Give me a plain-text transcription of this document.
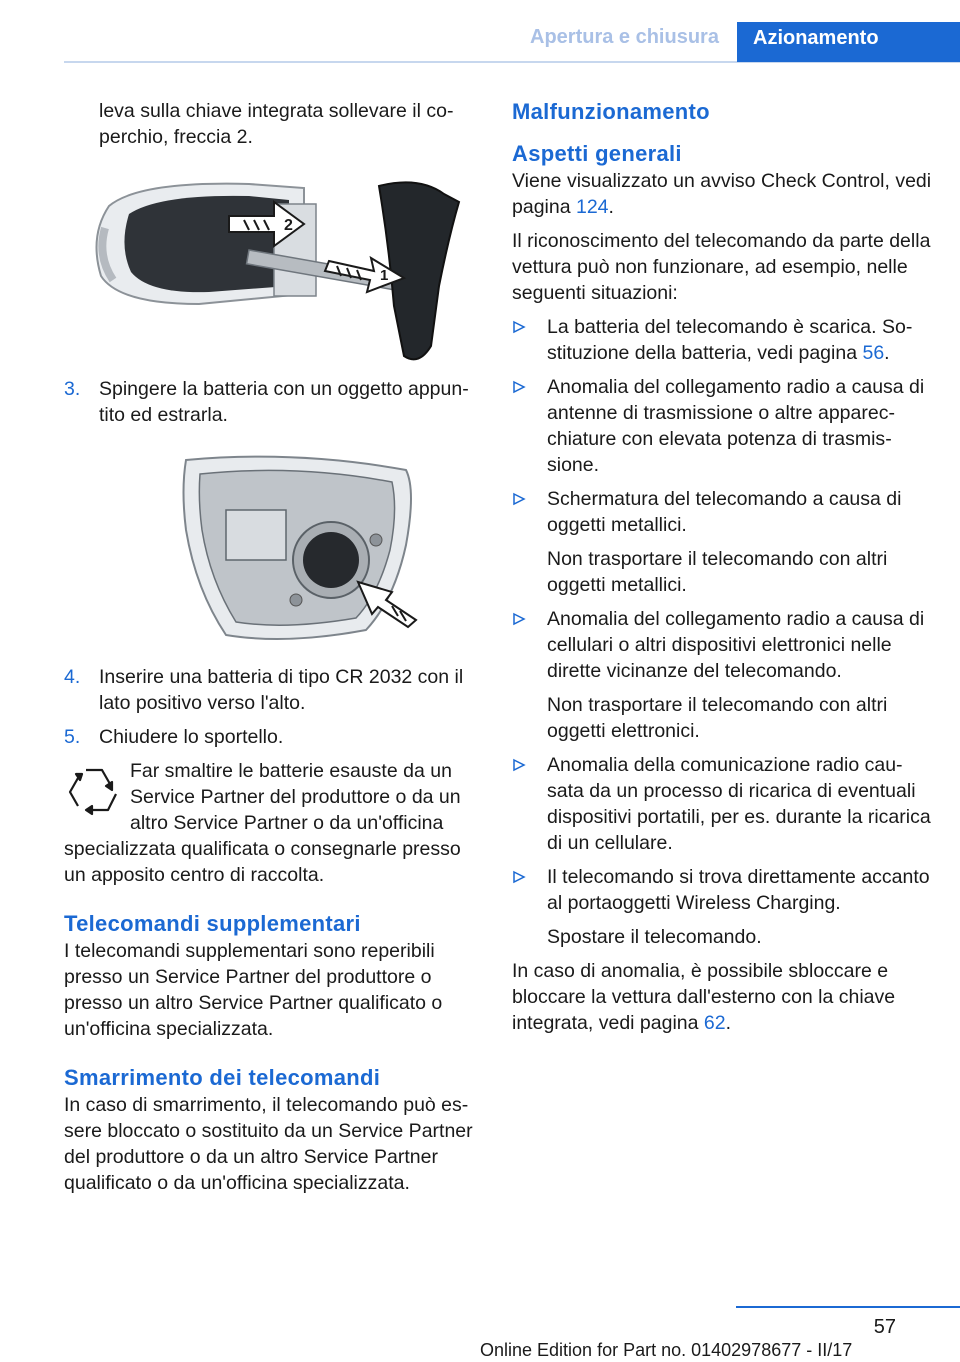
Apertura e chiusura Azionamento

leva sulla chiave integrata sollevare il coperchio, freccia 2.

2
1
3. Spingere la batteria con un oggetto appuntito ed estrarla.

4. Inserire una batteria di tipo CR 2032 con il lato positivo verso l'alto.

5. Chiudere lo sportello.

Far smaltire le batterie esauste da un

Service Partner del produttore o da un

altro Service Partner o da un'officina

specializzata qualificata o consegnarle presso un apposito centro di raccolta.

Telecomandi supplementari

I telecomandi supplementari sono reperibili presso un Service Partner del produttore o presso un altro Service Partner qualificato o un'officina specializzata.

Smarrimento dei telecomandi

In caso di smarrimento, il telecomando può essere bloccato o sostituito da un Service Partner del produttore o da un altro Service Partner qualificato o da un'officina specializzata.

Malfunzionamento
Aspetti generali

Viene visualizzato un avviso Check Control, vedi pagina 124.

Il riconoscimento del telecomando da parte della vettura può non funzionare, ad esempio, nelle seguenti situazioni:

La batteria del telecomando è scarica. Sostituzione della batteria, vedi pagina 56.

Anomalia del collegamento radio a causa di antenne di trasmissione o altre apparecchiature con elevata potenza di trasmissione.

Schermatura del telecomando a causa di oggetti metallici.

Non trasportare il telecomando con altri oggetti metallici.

Anomalia del collegamento radio a causa di cellulari o altri dispositivi elettronici nelle dirette vicinanze del telecomando.

Non trasportare il telecomando con altri oggetti elettronici.

Anomalia della comunicazione radio causata da un processo di ricarica di eventuali dispositivi portatili, per es. durante la ricarica di un cellulare.

Il telecomando si trova direttamente accanto al portaoggetti Wireless Charging.

Spostare il telecomando.

In caso di anomalia, è possibile sbloccare e bloccare la vettura dall'esterno con la chiave integrata, vedi pagina 62.

57
Online Edition for Part no. 01402978677 - II/17
